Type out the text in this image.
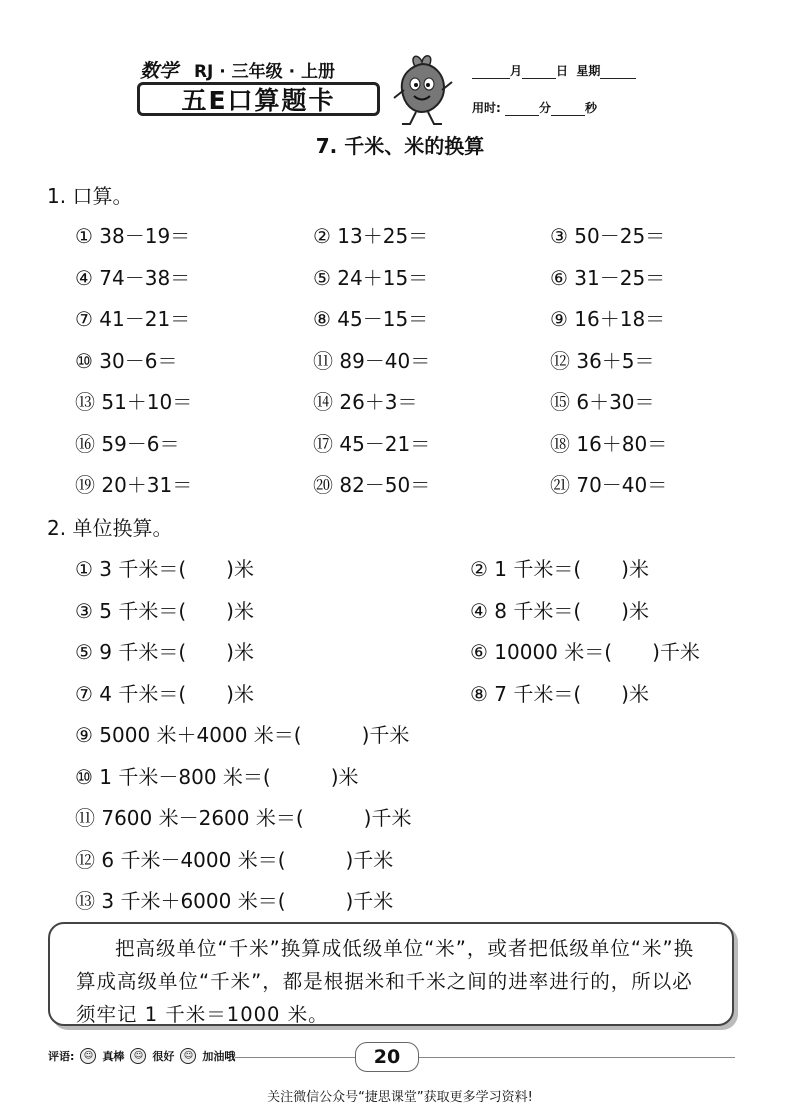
数学 RJ · 三年级 · 上册
五E口算题卡
月	日 星期
用时:	分	秒
7. 千米、米的换算
1. 口算。
① 38－19＝	② 13＋25＝	③ 50－25＝
④ 74－38＝	⑤ 24＋15＝	⑥ 31－25＝
⑦ 41－21＝	⑧ 45－15＝	⑨ 16＋18＝
⑩ 30－6＝	⑪ 89－40＝	⑫ 36＋5＝
⑬ 51＋10＝	⑭ 26＋3＝	⑮ 6＋30＝
⑯ 59－6＝	⑰ 45－21＝	⑱ 16＋80＝
⑲ 20＋31＝	⑳ 82－50＝	㉑ 70－40＝
2. 单位换算。
① 3 千米＝(　　)米	② 1 千米＝(　　)米
③ 5 千米＝(　　)米	④ 8 千米＝(　　)米
⑤ 9 千米＝(　　)米	⑥ 10000 米＝(　　)千米
⑦ 4 千米＝(　　)米	⑧ 7 千米＝(　　)米
⑨ 5000 米＋4000 米＝(　　　)千米
⑩ 1 千米－800 米＝(　　　)米
⑪ 7600 米－2600 米＝(　　　)千米
⑫ 6 千米－4000 米＝(　　　)千米
⑬ 3 千米＋6000 米＝(　　　)千米
把高级单位“千米”换算成低级单位“米”，或者把低级单位“米”换算成高级单位“千米”，都是根据米和千米之间的进率进行的，所以必须牢记 1 千米＝1000 米。
评语:	☺ 真棒	☺ 很好	☺ 加油哦	20
关注微信公众号“捷思课堂”获取更多学习资料!
